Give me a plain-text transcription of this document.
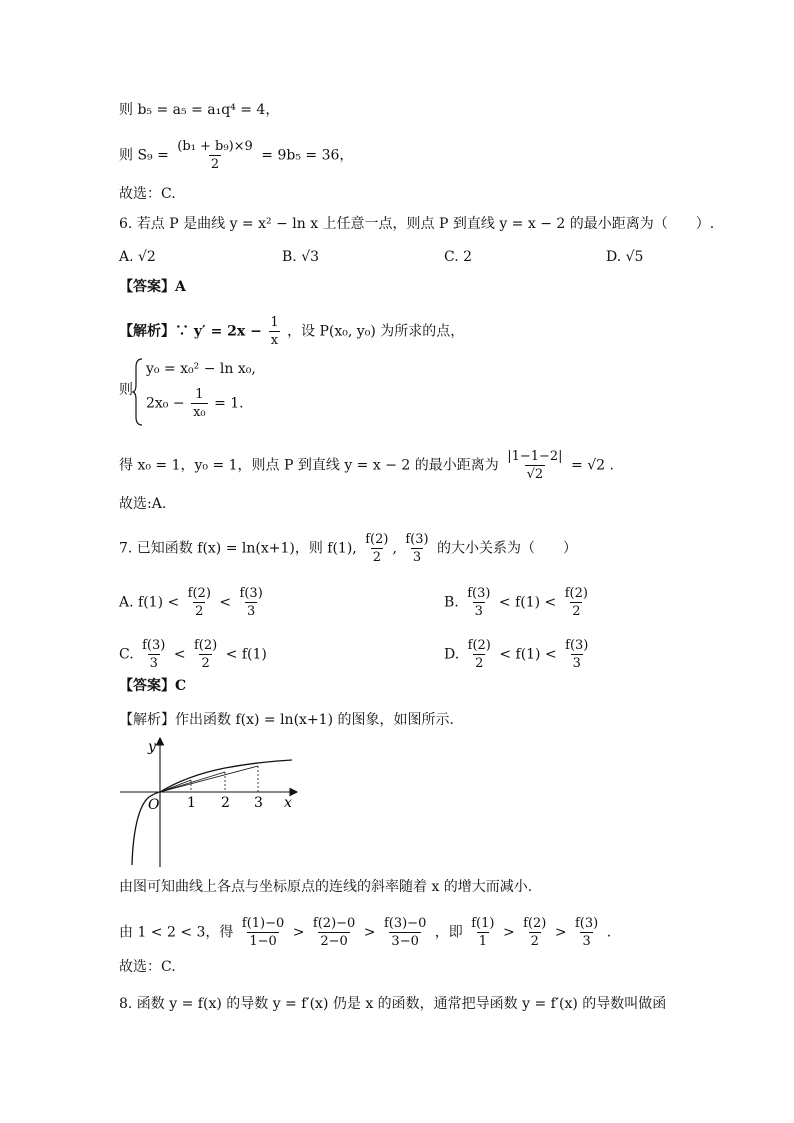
则 b₅ = a₅ = a₁q⁴ = 4，
则 $S_9 = \frac{\text{(b₁ + b₉)×9}}{2} = 9b_5 = 36$，
故选：C.
6. 若点 P 是曲线 y = x² − ln x 上任意一点，则点 P 到直线 y = x − 2 的最小距离为（　　）.
A. √2	B. √3	C. 2	D. √5
【答案】A
【解析】∵ $y' = 2x - \frac{1}{x}$ ，设 P(x₀, y₀) 为所求的点，
则
y₀ = x₀² − ln x₀,
$2x_0 - \frac{1}{\text{x₀}} = 1$.
得 x₀ = 1，y₀ = 1，则点 P 到直线 y = x − 2 的最小距离为 $\frac{|1-1-2|}{√2} = √2$ .
故选:A.
7. 已知函数 f(x) = ln(x+1)，则 f(1), $\frac{f(2)}{2}$ , $\frac{f(3)}{3}$ 的大小关系为（　　）
A. $f(1) < \frac{f(2)}{2} < \frac{f(3)}{3}$	B. $\frac{f(3)}{3} < f(1) < \frac{f(2)}{2}$
C. $\frac{f(3)}{3} < \frac{f(2)}{2} < f(1)$	D. $\frac{f(2)}{2} < f(1) < \frac{f(3)}{3}$
【答案】C
【解析】作出函数 f(x) = ln(x+1) 的图象，如图所示.
y
x
O 1 2 3
由图可知曲线上各点与坐标原点的连线的斜率随着 x 的增大而减小.
由 1 < 2 < 3，得 $\frac{f(1)-0}{1-0} > \frac{f(2)-0}{2-0} > \frac{f(3)-0}{3-0}$ ，即 $\frac{f(1)}{1} > \frac{f(2)}{2} > \frac{f(3)}{3}$ .
故选：C.
8. 函数 y = f(x) 的导数 y = f′(x) 仍是 x 的函数，通常把导函数 y = f′(x) 的导数叫做函
